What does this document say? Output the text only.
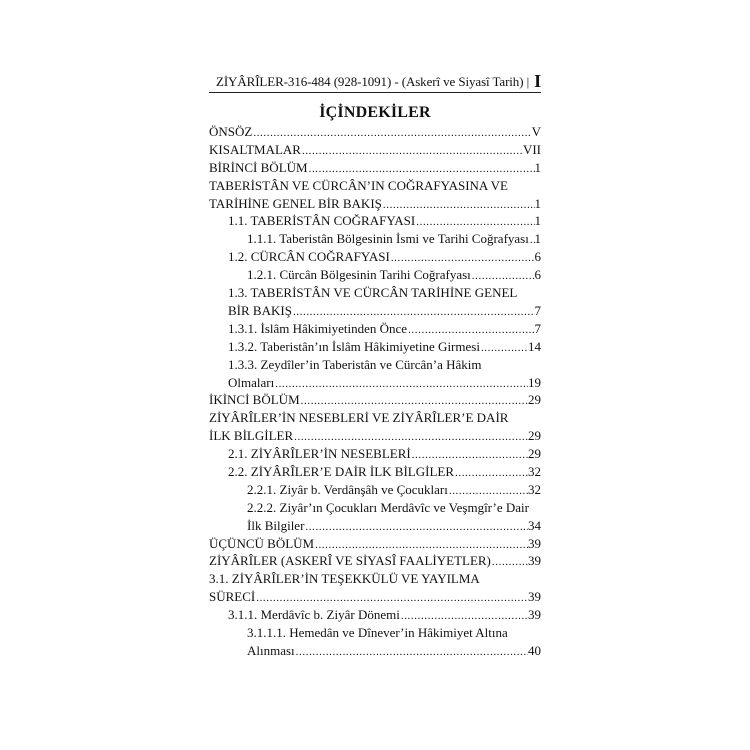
ZİYÂRÎLER-316-484 (928-1091) - (Askerî ve Siyasî Tarih) | I
İÇİNDEKİLER
ÖNSÖZ .....	V
KISALTMALAR .....	VII
BİRİNCİ BÖLÜM .....	1
TABERİSTÂN VE CÜRCÂN’IN COĞRAFYASINA VE
TARİHİNE GENEL BİR BAKIŞ .....	1
1.1. TABERİSTÂN COĞRAFYASI .....	1
1.1.1. Taberistân Bölgesinin İsmi ve Tarihi Coğrafyası ..... 1
1.2. CÜRCÂN COĞRAFYASI .....	6
1.2.1. Cürcân Bölgesinin Tarihi Coğrafyası .....	6
1.3. TABERİSTÂN VE CÜRCÂN TARİHİNE GENEL
BİR BAKIŞ .....	7
1.3.1. İslâm Hâkimiyetinden Önce .....	7
1.3.2. Taberistân’ın İslâm Hâkimiyetine Girmesi .....	14
1.3.3. Zeydîler’in Taberistân ve Cürcân’a Hâkim
Olmaları .....	19
İKİNCİ BÖLÜM .....	29
ZİYÂRÎLER’İN NESEBLERİ VE ZİYÂRÎLER’E DAİR
İLK BİLGİLER .....	29
2.1. ZİYÂRÎLER’İN NESEBLERİ .....	29
2.2. ZİYÂRÎLER’E DAİR İLK BİLGİLER .....	32
2.2.1. Ziyâr b. Verdânşâh ve Çocukları .....	32
2.2.2. Ziyâr’ın Çocukları Merdâvîc ve Veşmgîr’e Dair
İlk Bilgiler .....	34
ÜÇÜNCÜ BÖLÜM .....	39
ZİYÂRÎLER (ASKERÎ VE SİYASÎ FAALİYETLER) .....	39
3.1. ZİYÂRÎLER’İN TEŞEKKÜLÜ VE YAYILMA
SÜRECİ .....	39
3.1.1. Merdâvîc b. Ziyâr Dönemi .....	39
3.1.1.1. Hemedân ve Dînever’in Hâkimiyet Altına
Alınması .....	40
